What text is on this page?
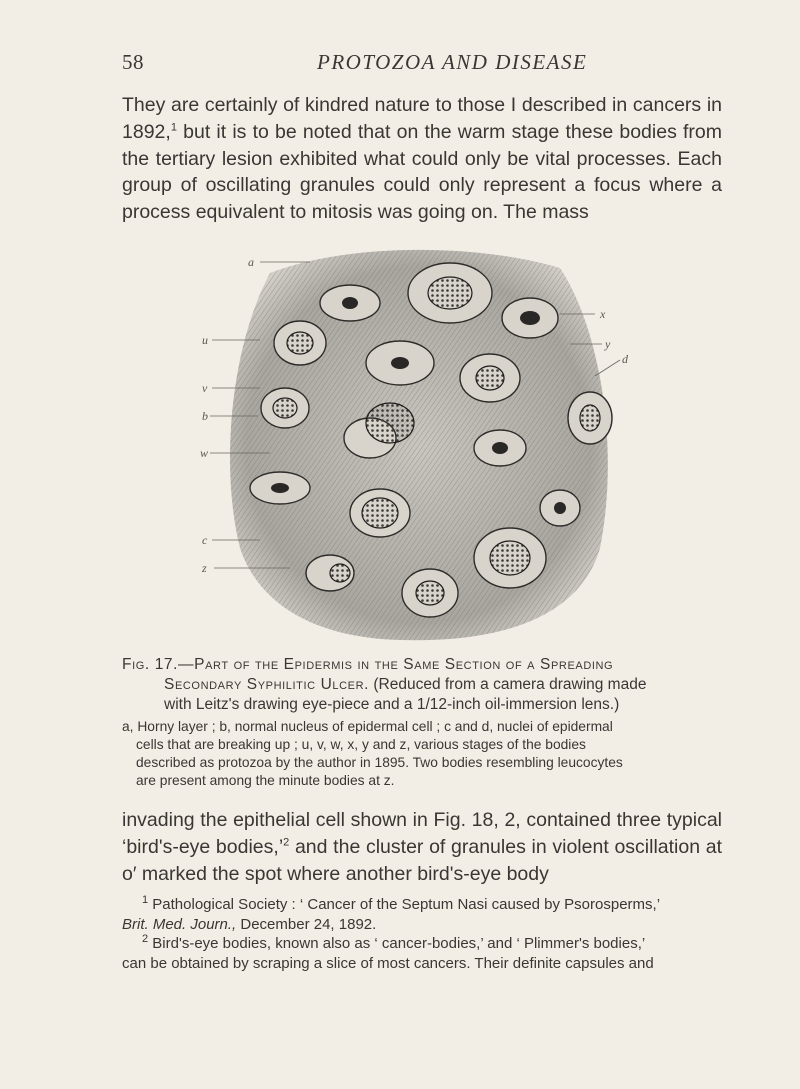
58	PROTOZOA AND DISEASE

They are certainly of kindred nature to those I described in cancers in 1892,$^1$ but it is to be noted that on the warm stage these bodies from the tertiary lesion exhibited what could only be vital processes. Each group of oscillating granules could only represent a focus where a process equivalent to mitosis was going on. The mass

a
x
u	y
d
v
b
w
c
z

Fig. 17.—Part of the Epidermis in the Same Section of a Spreading
Secondary Syphilitic Ulcer. (Reduced from a camera drawing made
with Leitz's drawing eye-piece and a 1/12-inch oil-immersion lens.)

a, Horny layer ; b, normal nucleus of epidermal cell ; c and d, nuclei of epidermal
cells that are breaking up ; u, v, w, x, y and z, various stages of the bodies
described as protozoa by the author in 1895. Two bodies resembling leucocytes
are present among the minute bodies at z.

invading the epithelial cell shown in Fig. 18, 2, contained three typical ‘bird's-eye bodies,’$^2$ and the cluster of granules in violent oscillation at o′ marked the spot where another bird's-eye body

$^1$ Pathological Society : ‘ Cancer of the Septum Nasi caused by Psorosperms,’
Brit. Med. Journ., December 24, 1892.
$^2$ Bird's-eye bodies, known also as ‘ cancer-bodies,’ and ‘ Plimmer's bodies,’
can be obtained by scraping a slice of most cancers. Their definite capsules and
